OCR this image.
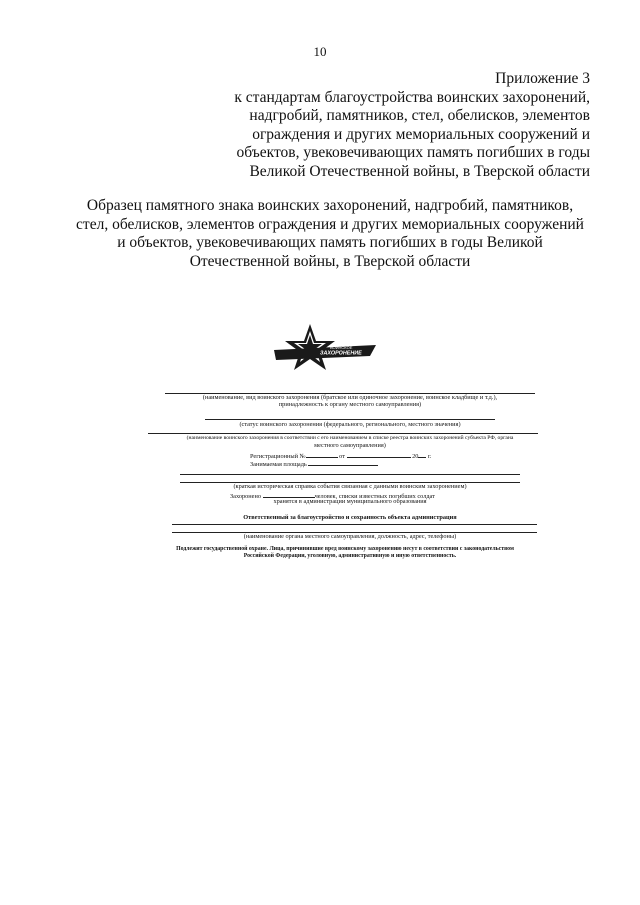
10
Приложение 3
к стандартам благоустройства воинских захоронений,
надгробий, памятников, стел, обелисков, элементов
ограждения и других мемориальных сооружений и
объектов, увековечивающих память погибших в годы
Великой Отечественной войны, в Тверской области
Образец памятного знака воинских захоронений, надгробий, памятников,
стел, обелисков, элементов ограждения и других мемориальных сооружений
и объектов, увековечивающих память погибших в годы Великой
Отечественной войны, в Тверской области
ВОИНСКОЕ
ЗАХОРОНЕНИЕ
(наименование, вид воинского захоронения (братское или одиночное захоронение, воинское кладбище и т.д.),
принадлежность к органу местного самоуправления)
(статус воинского захоронения (федерального, регионального, местного значения)
(наименование воинского захоронения в соответствии с его наименованием в списке реестра воинских захоронений субъекта РФ, органа
местного самоуправления)
Регистрационный №	от	20 г.
Занимаемая площадь
(краткая историческая справка события связанная с данными воинским захоронением)
Захоронено	человек, списки известных погибших солдат
хранятся в администрации муниципального образования
Ответственный за благоустройство и сохранность объекта администрация
(наименование органа местного самоуправления, должность, адрес, телефоны)
Подлежит государственной охране. Лица, причинившие вред воинскому захоронению несут в соответствии с законодательством
Российской Федерации, уголовную, административную и иную ответственность.
